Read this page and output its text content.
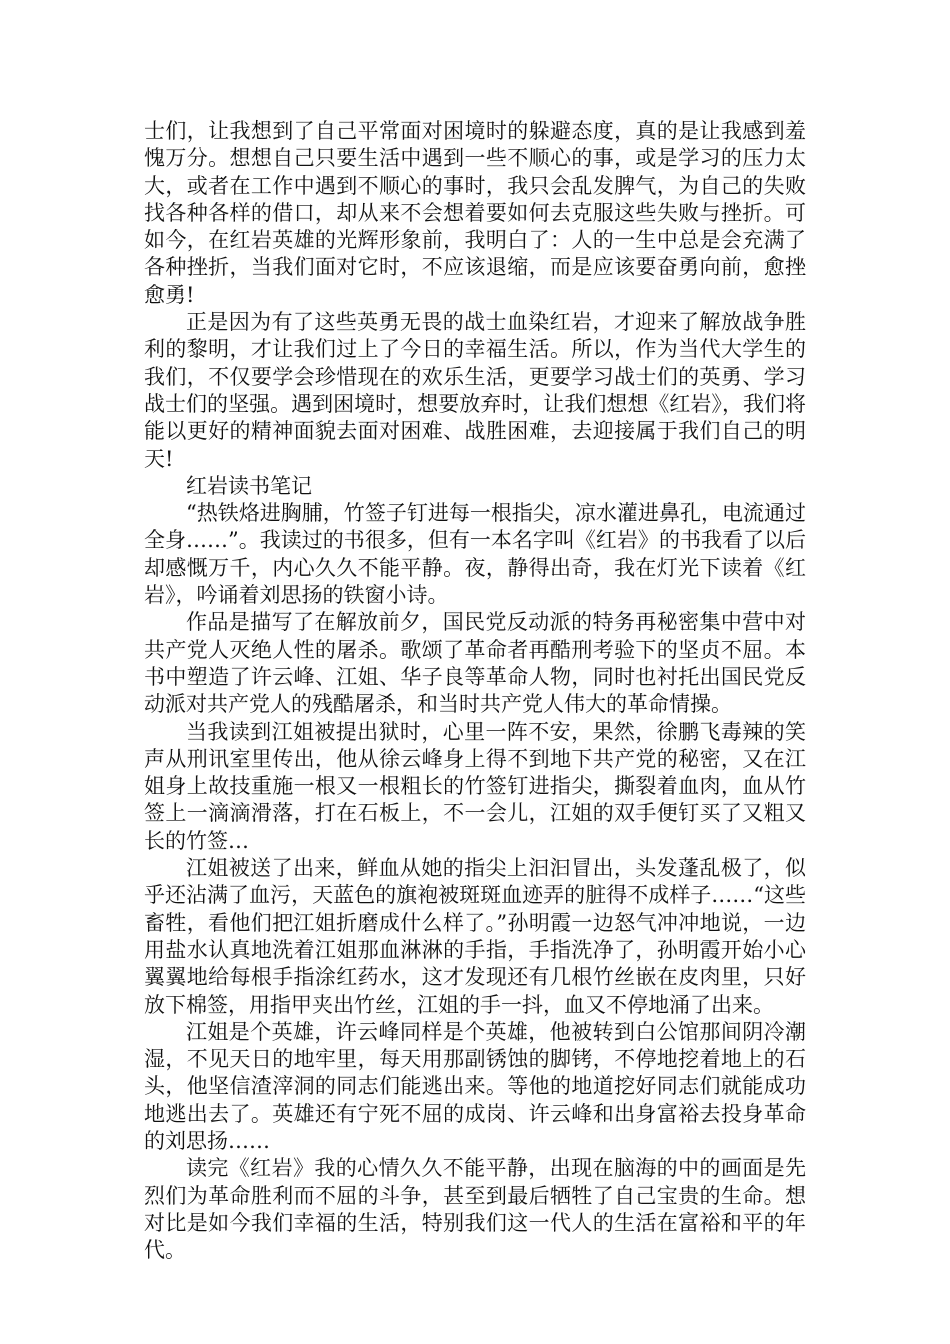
士们，让我想到了自己平常面对困境时的躲避态度，真的是让我感到羞愧万分。想想自己只要生活中遇到一些不顺心的事，或是学习的压力太大，或者在工作中遇到不顺心的事时，我只会乱发脾气，为自己的失败找各种各样的借口，却从来不会想着要如何去克服这些失败与挫折。可如今，在红岩英雄的光辉形象前，我明白了：人的一生中总是会充满了各种挫折，当我们面对它时，不应该退缩，而是应该要奋勇向前，愈挫愈勇!

正是因为有了这些英勇无畏的战士血染红岩，才迎来了解放战争胜利的黎明，才让我们过上了今日的幸福生活。所以，作为当代大学生的我们，不仅要学会珍惜现在的欢乐生活，更要学习战士们的英勇、学习战士们的坚强。遇到困境时，想要放弃时，让我们想想《红岩》，我们将能以更好的精神面貌去面对困难、战胜困难，去迎接属于我们自己的明天!

红岩读书笔记

“热铁烙进胸脯，竹签子钉进每一根指尖，凉水灌进鼻孔，电流通过全身……”。我读过的书很多，但有一本名字叫《红岩》的书我看了以后却感慨万千，内心久久不能平静。夜，静得出奇，我在灯光下读着《红岩》，吟诵着刘思扬的铁窗小诗。

作品是描写了在解放前夕，国民党反动派的特务再秘密集中营中对共产党人灭绝人性的屠杀。歌颂了革命者再酷刑考验下的坚贞不屈。本书中塑造了许云峰、江姐、华子良等革命人物，同时也衬托出国民党反动派对共产党人的残酷屠杀，和当时共产党人伟大的革命情操。

当我读到江姐被提出狱时，心里一阵不安，果然，徐鹏飞毒辣的笑声从刑讯室里传出，他从徐云峰身上得不到地下共产党的秘密，又在江姐身上故技重施一根又一根粗长的竹签钉进指尖，撕裂着血肉，血从竹签上一滴滴滑落，打在石板上，不一会儿，江姐的双手便钉买了又粗又长的竹签…

江姐被送了出来，鲜血从她的指尖上汩汩冒出，头发蓬乱极了，似乎还沾满了血污，天蓝色的旗袍被斑斑血迹弄的脏得不成样子……“这些畜牲，看他们把江姐折磨成什么样了。”孙明霞一边怒气冲冲地说，一边用盐水认真地洗着江姐那血淋淋的手指，手指洗净了，孙明霞开始小心翼翼地给每根手指涂红药水，这才发现还有几根竹丝嵌在皮肉里，只好放下棉签，用指甲夹出竹丝，江姐的手一抖，血又不停地涌了出来。

江姐是个英雄，许云峰同样是个英雄，他被转到白公馆那间阴冷潮湿，不见天日的地牢里，每天用那副锈蚀的脚铐，不停地挖着地上的石头，他坚信渣滓洞的同志们能逃出来。等他的地道挖好同志们就能成功地逃出去了。英雄还有宁死不屈的成岗、许云峰和出身富裕去投身革命的刘思扬……

读完《红岩》我的心情久久不能平静，出现在脑海的中的画面是先烈们为革命胜利而不屈的斗争，甚至到最后牺牲了自己宝贵的生命。想对比是如今我们幸福的生活，特别我们这一代人的生活在富裕和平的年代。
